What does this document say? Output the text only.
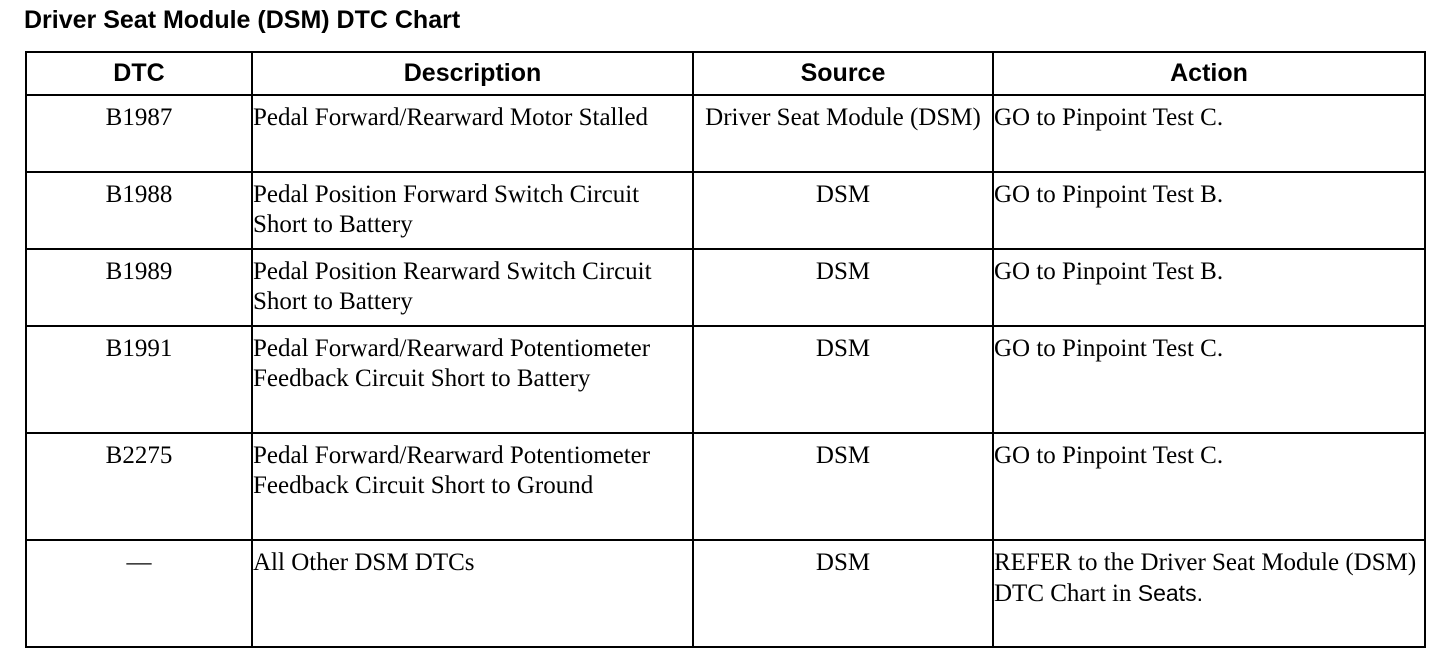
Driver Seat Module (DSM) DTC Chart
DTC	Description	Source	Action
B1987	Pedal Forward/Rearward Motor Stalled	Driver Seat Module (DSM)	GO to Pinpoint Test C.
B1988	Pedal Position Forward Switch Circuit Short to Battery	DSM	GO to Pinpoint Test B.
B1989	Pedal Position Rearward Switch Circuit Short to Battery	DSM	GO to Pinpoint Test B.
B1991	Pedal Forward/Rearward Potentiometer Feedback Circuit Short to Battery	DSM	GO to Pinpoint Test C.
B2275	Pedal Forward/Rearward Potentiometer Feedback Circuit Short to Ground	DSM	GO to Pinpoint Test C.
—	All Other DSM DTCs	DSM	REFER to the Driver Seat Module (DSM) DTC Chart in Seats.
